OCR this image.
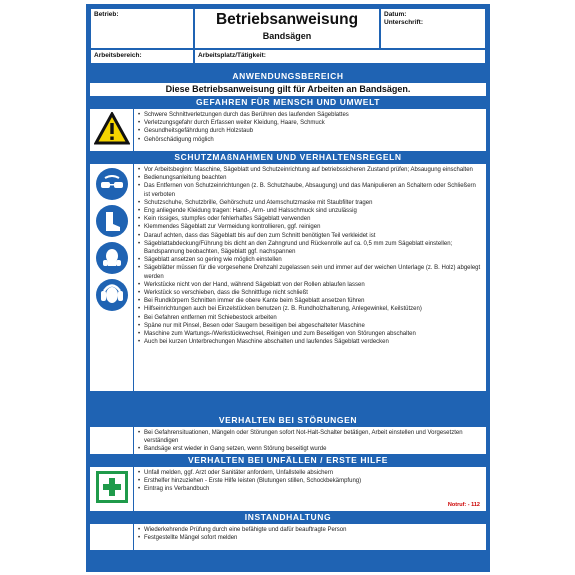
Betrieb:	Betriebsanweisung
Bandsägen
Datum:
Unterschrift:
Arbeitsbereich:	Arbeitsplatz/Tätigkeit:
ANWENDUNGSBEREICH
Diese Betriebsanweisung gilt für Arbeiten an Bandsägen.
GEFAHREN FÜR MENSCH UND UMWELT
• Schwere Schnittverletzungen durch das Berühren des laufenden Sägeblattes
• Verletzungsgefahr durch Erfassen weiter Kleidung, Haare, Schmuck
• Gesundheitsgefährdung durch Holzstaub
• Gehörschädigung möglich
SCHUTZMAßNAHMEN UND VERHALTENSREGELN
• Vor Arbeitsbeginn: Maschine, Sägeblatt und Schutzeinrichtung auf betriebssicheren Zustand prüfen; Absaugung einschalten
• Bedienungsanleitung beachten
• Das Entfernen von Schutzeinrichtungen (z. B. Schutzhaube, Absaugung) und das Manipulieren an Schaltern oder Schließern ist verboten
• Schutzschuhe, Schutzbrille, Gehörschutz und Atemschutzmaske mit Staubfilter tragen
• Eng anliegende Kleidung tragen: Hand-, Arm- und Halsschmuck sind unzulässig
• Kein rissiges, stumpfes oder fehlerhaftes Sägeblatt verwenden
• Klemmendes Sägeblatt zur Vermeidung kontrollieren, ggf. reinigen
• Darauf achten, dass das Sägeblatt bis auf den zum Schnitt benötigten Teil verkleidet ist
• Sägeblattabdeckung/Führung bis dicht an den Zahngrund und Rückenrolle auf ca. 0,5 mm zum Sägeblatt einstellen; Bandspannung beobachten, Sägeblatt ggf. nachspannen
• Sägeblatt ansetzen so gering wie möglich einstellen
• Sägeblätter müssen für die vorgesehene Drehzahl zugelassen sein und immer auf der weichen Unterlage (z. B. Holz) abgelegt werden
• Werkstücke nicht von der Hand, während Sägeblatt von der Rollen ablaufen lassen
• Werkstück so verschieben, dass die Schnittfuge nicht schließt
• Bei Rundkörpern Schnitten immer die obere Kante beim Sägeblatt ansetzen führen
• Hilfseinrichtungen auch bei Einzelstücken benutzen (z. B. Rundholzhalterung, Anlegewinkel, Keilstützen)
• Bei Gefahren entfernen mit Schiebestock arbeiten
• Späne nur mit Pinsel, Besen oder Saugern beseitigen bei abgeschalteter Maschine
• Maschine zum Wartungs-/Werkstückwechsel, Reinigen und zum Beseitigen von Störungen abschalten
• Auch bei kurzen Unterbrechungen Maschine abschalten und laufendes Sägeblatt verdecken
VERHALTEN BEI STÖRUNGEN
• Bei Gefahrensituationen, Mängeln oder Störungen sofort Not-Halt-Schalter betätigen, Arbeit einstellen und Vorgesetzten verständigen
• Bandsäge erst wieder in Gang setzen, wenn Störung beseitigt wurde
VERHALTEN BEI UNFÄLLEN / ERSTE HILFE
• Unfall melden, ggf. Arzt oder Sanitäter anfordern, Unfallstelle absichern
• Ersthelfer hinzuziehen - Erste Hilfe leisten (Blutungen stillen, Schockbekämpfung)
• Eintrag ins Verbandbuch
Notruf: - 112
INSTANDHALTUNG
• Wiederkehrende Prüfung durch eine befähigte und dafür beauftragte Person
• Festgestellte Mängel sofort melden
